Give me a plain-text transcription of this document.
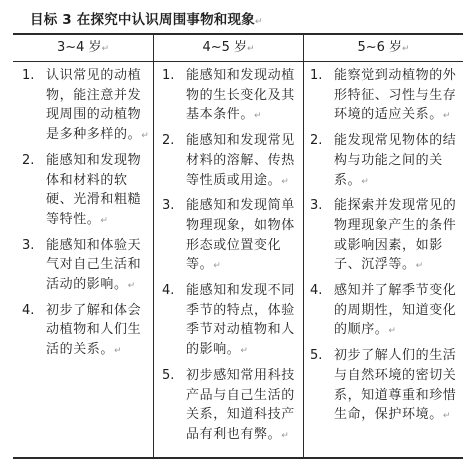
目标 3 在探究中认识周围事物和现象↵
3~4 岁↵	4~5 岁↵	5~6 岁↵
1. 认识常见的动植物，能注意并发现周围的动植物是多种多样的。↵
2. 能感知和发现物体和材料的软硬、光滑和粗糙等特性。↵
3. 能感知和体验天气对自己生活和活动的影响。↵
4. 初步了解和体会动植物和人们生活的关系。↵
1. 能感知和发现动植物的生长变化及其基本条件。↵
2. 能感知和发现常见材料的溶解、传热等性质或用途。↵
3. 能感知和发现简单物理现象，如物体形态或位置变化等。↵
4. 能感知和发现不同季节的特点，体验季节对动植物和人的影响。↵
5. 初步感知常用科技产品与自己生活的关系，知道科技产品有利也有弊。↵
1. 能察觉到动植物的外形特征、习性与生存环境的适应关系。↵
2. 能发现常见物体的结构与功能之间的关系。↵
3. 能探索并发现常见的物理现象产生的条件或影响因素，如影子、沉浮等。↵
4. 感知并了解季节变化的周期性，知道变化的顺序。↵
5. 初步了解人们的生活与自然环境的密切关系，知道尊重和珍惜生命，保护环境。↵
